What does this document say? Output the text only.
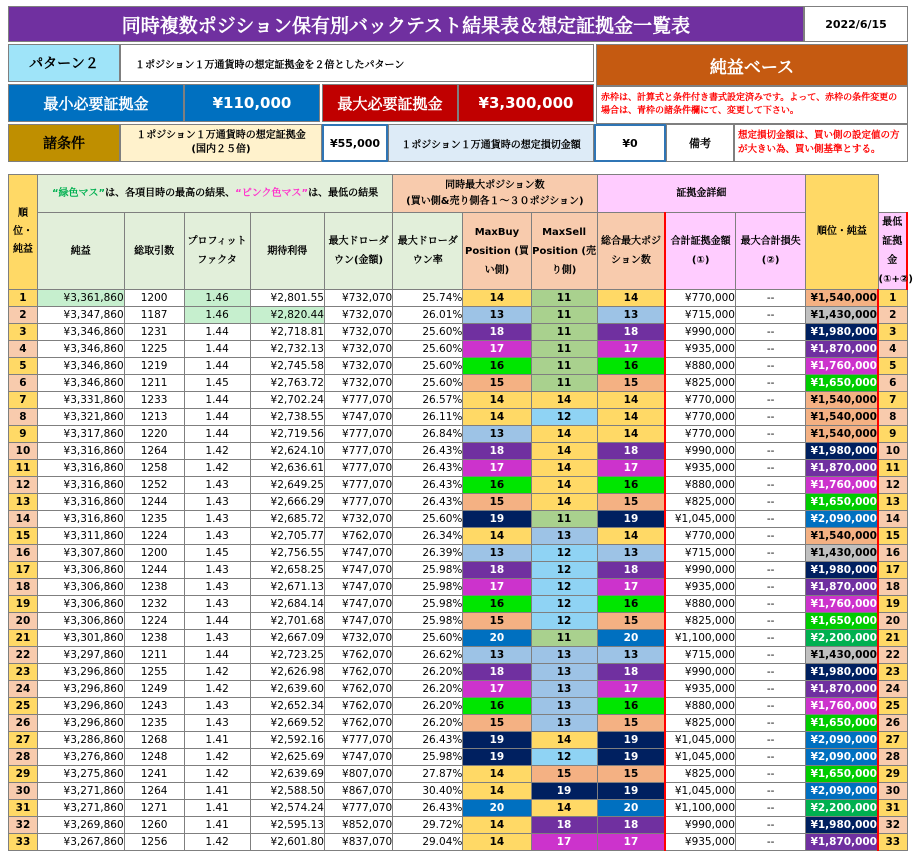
同時複数ポジション保有別バックテスト結果表＆想定証拠金一覧表	2022/6/15
パターン２	１ポジション１万通貨時の想定証拠金を２倍としたパターン	純益ベース
最小必要証拠金	¥110,000	最大必要証拠金 ¥3,300,000	赤枠は、計算式と条件付き書式設定済みです。よって、赤枠の条件変更の場合は、青枠の諸条件欄にて、変更して下さい。
諸条件
１ポジション１万通貨時の想定証拠金
(国内２５倍)	¥55,000 １ポジション１万通貨時の想定損切金額	¥0	備考
想定損切金額は、買い側の設定値の方が大きい為、買い側基準とする。
順位・純益	“緑色マス”は、各項目時の最高の結果、“ピンク色マス”は、最低の結果					同時最大ポジション数
(買い側&売り側各１～３０ポジション)			証拠金詳細			順位・純益	
	純益	総取引数	プロフィットファクタ	期待利得	最大ドローダウン(金額)	最大ドローダウン率	MaxBuy Position (買い側)	MaxSell Position (売り側)	総合最大ポジション数	合計証拠金額 (①)	最大合計損失 (②)		最低証拠金 (①+②)
1	¥3,361,860	1200	1.46	¥2,801.55	¥732,070	25.74%	14	11	14	¥770,000	--	¥1,540,000	1
2	¥3,347,860	1187	1.46	¥2,820.44	¥732,070	26.01%	13	11	13	¥715,000	--	¥1,430,000	2
3	¥3,346,860	1231	1.44	¥2,718.81	¥732,070	25.60%	18	11	18	¥990,000	--	¥1,980,000	3
4	¥3,346,860	1225	1.44	¥2,732.13	¥732,070	25.60%	17	11	17	¥935,000	--	¥1,870,000	4
5	¥3,346,860	1219	1.44	¥2,745.58	¥732,070	25.60%	16	11	16	¥880,000	--	¥1,760,000	5
6	¥3,346,860	1211	1.45	¥2,763.72	¥732,070	25.60%	15	11	15	¥825,000	--	¥1,650,000	6
7	¥3,331,860	1233	1.44	¥2,702.24	¥777,070	26.57%	14	14	14	¥770,000	--	¥1,540,000	7
8	¥3,321,860	1213	1.44	¥2,738.55	¥747,070	26.11%	14	12	14	¥770,000	--	¥1,540,000	8
9	¥3,317,860	1220	1.44	¥2,719.56	¥777,070	26.84%	13	14	14	¥770,000	--	¥1,540,000	9
10	¥3,316,860	1264	1.42	¥2,624.10	¥777,070	26.43%	18	14	18	¥990,000	--	¥1,980,000	10
11	¥3,316,860	1258	1.42	¥2,636.61	¥777,070	26.43%	17	14	17	¥935,000	--	¥1,870,000	11
12	¥3,316,860	1252	1.43	¥2,649.25	¥777,070	26.43%	16	14	16	¥880,000	--	¥1,760,000	12
13	¥3,316,860	1244	1.43	¥2,666.29	¥777,070	26.43%	15	14	15	¥825,000	--	¥1,650,000	13
14	¥3,316,860	1235	1.43	¥2,685.72	¥732,070	25.60%	19	11	19	¥1,045,000	--	¥2,090,000	14
15	¥3,311,860	1224	1.43	¥2,705.77	¥762,070	26.34%	14	13	14	¥770,000	--	¥1,540,000	15
16	¥3,307,860	1200	1.45	¥2,756.55	¥747,070	26.39%	13	12	13	¥715,000	--	¥1,430,000	16
17	¥3,306,860	1244	1.43	¥2,658.25	¥747,070	25.98%	18	12	18	¥990,000	--	¥1,980,000	17
18	¥3,306,860	1238	1.43	¥2,671.13	¥747,070	25.98%	17	12	17	¥935,000	--	¥1,870,000	18
19	¥3,306,860	1232	1.43	¥2,684.14	¥747,070	25.98%	16	12	16	¥880,000	--	¥1,760,000	19
20	¥3,306,860	1224	1.44	¥2,701.68	¥747,070	25.98%	15	12	15	¥825,000	--	¥1,650,000	20
21	¥3,301,860	1238	1.43	¥2,667.09	¥732,070	25.60%	20	11	20	¥1,100,000	--	¥2,200,000	21
22	¥3,297,860	1211	1.44	¥2,723.25	¥762,070	26.62%	13	13	13	¥715,000	--	¥1,430,000	22
23	¥3,296,860	1255	1.42	¥2,626.98	¥762,070	26.20%	18	13	18	¥990,000	--	¥1,980,000	23
24	¥3,296,860	1249	1.42	¥2,639.60	¥762,070	26.20%	17	13	17	¥935,000	--	¥1,870,000	24
25	¥3,296,860	1243	1.43	¥2,652.34	¥762,070	26.20%	16	13	16	¥880,000	--	¥1,760,000	25
26	¥3,296,860	1235	1.43	¥2,669.52	¥762,070	26.20%	15	13	15	¥825,000	--	¥1,650,000	26
27	¥3,286,860	1268	1.41	¥2,592.16	¥777,070	26.43%	19	14	19	¥1,045,000	--	¥2,090,000	27
28	¥3,276,860	1248	1.42	¥2,625.69	¥747,070	25.98%	19	12	19	¥1,045,000	--	¥2,090,000	28
29	¥3,275,860	1241	1.42	¥2,639.69	¥807,070	27.87%	14	15	15	¥825,000	--	¥1,650,000	29
30	¥3,271,860	1264	1.41	¥2,588.50	¥867,070	30.40%	14	19	19	¥1,045,000	--	¥2,090,000	30
31	¥3,271,860	1271	1.41	¥2,574.24	¥777,070	26.43%	20	14	20	¥1,100,000	--	¥2,200,000	31
32	¥3,269,860	1260	1.41	¥2,595.13	¥852,070	29.72%	14	18	18	¥990,000	--	¥1,980,000	32
33	¥3,267,860	1256	1.42	¥2,601.80	¥837,070	29.04%	14	17	17	¥935,000	--	¥1,870,000	33
